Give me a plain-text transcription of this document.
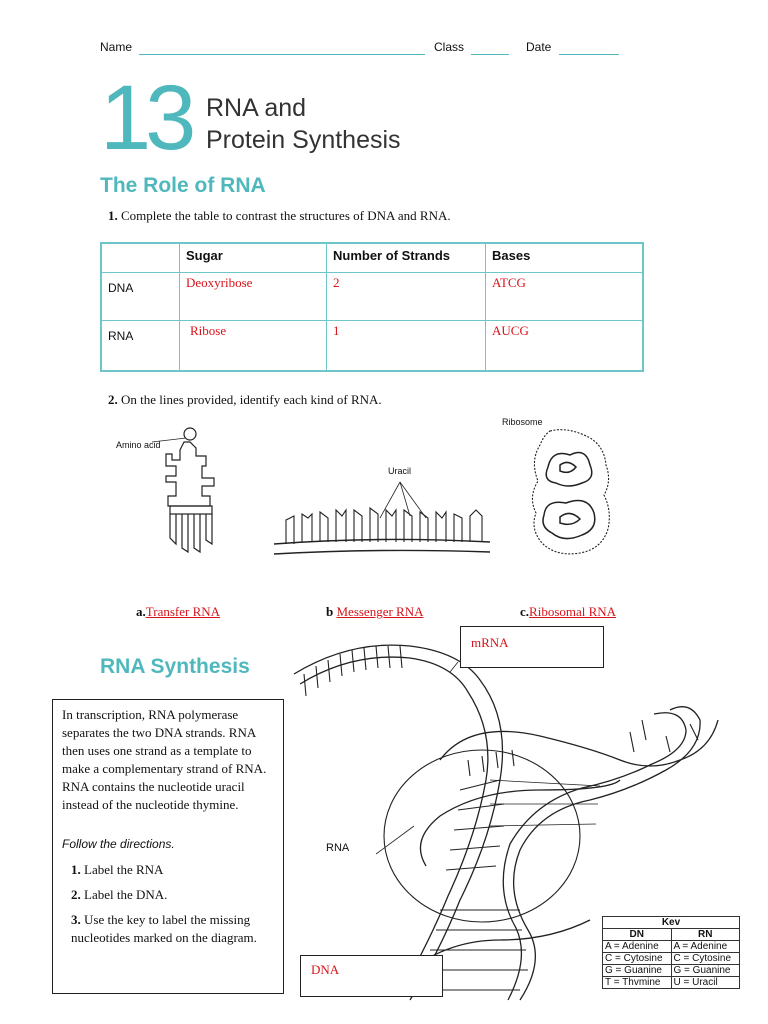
Name	Class	Date
13 RNA and
Protein Synthesis
The Role of RNA
1. Complete the table to contrast the structures of DNA and RNA.
	Sugar	Number of Strands	Bases
DNA	Deoxyribose	2	ATCG
RNA	Ribose	1	AUCG
2. On the lines provided, identify each kind of RNA.
Amino acid
Uracil
Ribosome
a.Transfer RNA	b Messenger RNA	c.Ribosomal RNA
RNA Synthesis
mRNA
RNA
In transcription, RNA polymerase separates the two DNA strands. RNA then uses one strand as a template to make a complementary strand of RNA. RNA contains the nucleotide uracil instead of the nucleotide thymine.
Follow the directions.
1. Label the RNA
2. Label the DNA.
3. Use the key to label the missing nucleotides marked on the diagram.
DNA
Kev	
DN	RN
A = Adenine	A = Adenine
C = Cytosine	C = Cytosine
G = Guanine	G = Guanine
T = Thvmine	U = Uracil
